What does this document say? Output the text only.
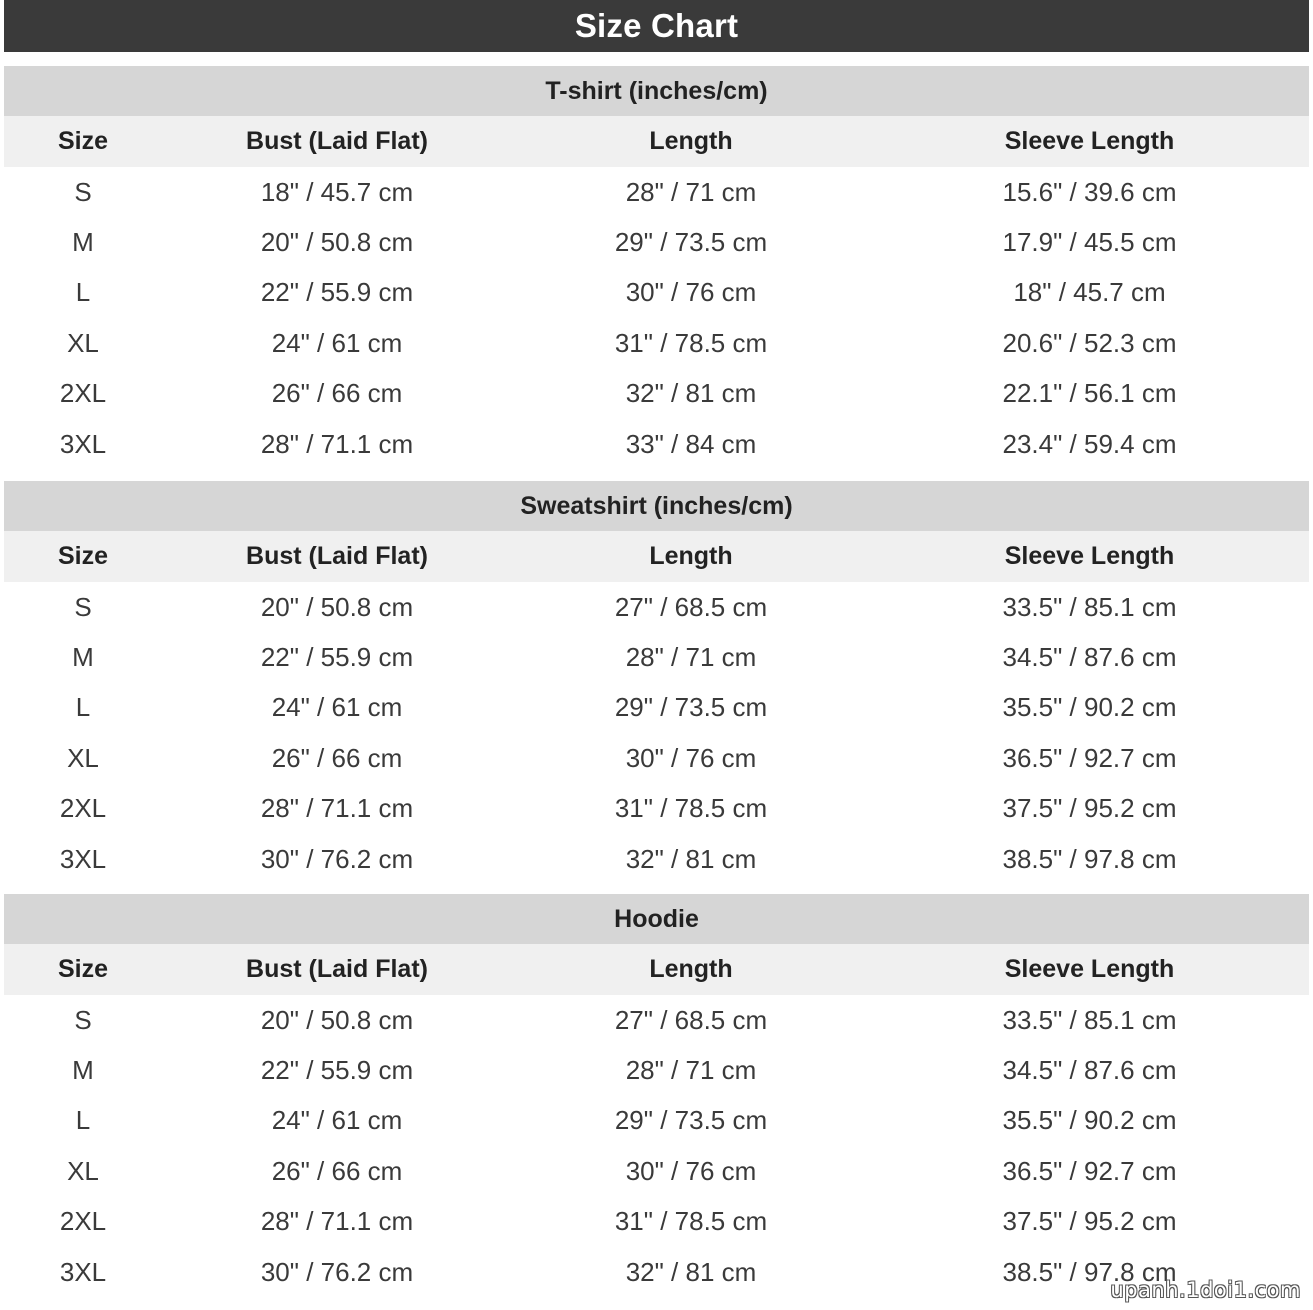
Size Chart
T-shirt (inches/cm)
Size	Bust (Laid Flat)	Length	Sleeve Length
S	18" / 45.7 cm	28" / 71 cm	15.6" / 39.6 cm
M	20" / 50.8 cm	29" / 73.5 cm	17.9" / 45.5 cm
L	22" / 55.9 cm	30" / 76 cm	18" / 45.7 cm
XL	24" / 61 cm	31" / 78.5 cm	20.6" / 52.3 cm
2XL	26" / 66 cm	32" / 81 cm	22.1" / 56.1 cm
3XL	28" / 71.1 cm	33" / 84 cm	23.4" / 59.4 cm
Sweatshirt (inches/cm)
Size	Bust (Laid Flat)	Length	Sleeve Length
S	20" / 50.8 cm	27" / 68.5 cm	33.5" / 85.1 cm
M	22" / 55.9 cm	28" / 71 cm	34.5" / 87.6 cm
L	24" / 61 cm	29" / 73.5 cm	35.5" / 90.2 cm
XL	26" / 66 cm	30" / 76 cm	36.5" / 92.7 cm
2XL	28" / 71.1 cm	31" / 78.5 cm	37.5" / 95.2 cm
3XL	30" / 76.2 cm	32" / 81 cm	38.5" / 97.8 cm
Hoodie
Size	Bust (Laid Flat)	Length	Sleeve Length
S	20" / 50.8 cm	27" / 68.5 cm	33.5" / 85.1 cm
M	22" / 55.9 cm	28" / 71 cm	34.5" / 87.6 cm
L	24" / 61 cm	29" / 73.5 cm	35.5" / 90.2 cm
XL	26" / 66 cm	30" / 76 cm	36.5" / 92.7 cm
2XL	28" / 71.1 cm	31" / 78.5 cm	37.5" / 95.2 cm
3XL	30" / 76.2 cm	32" / 81 cm	38.5" / 97.8 cm
upanh.1doi1.com
